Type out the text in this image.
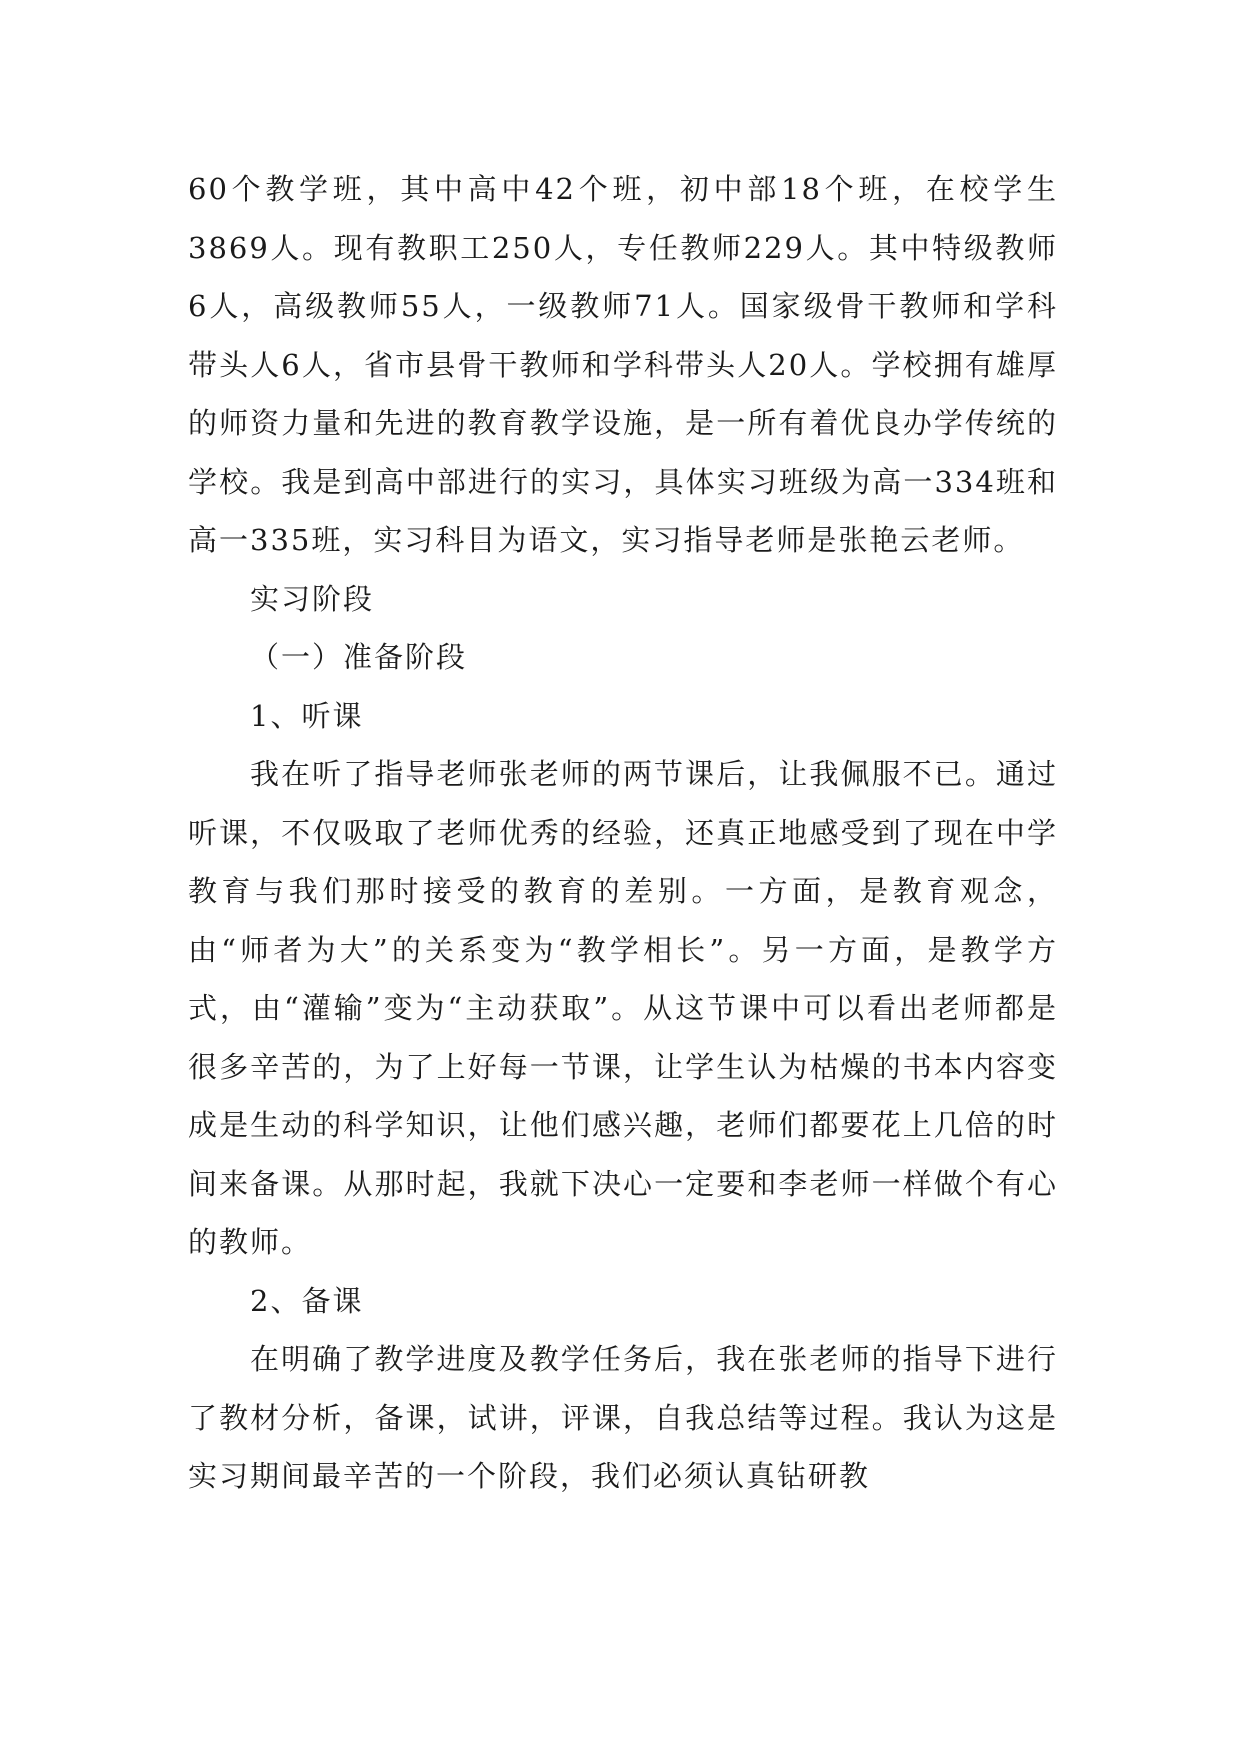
60个教学班，其中高中42个班，初中部18个班，在校学生3869人。现有教职工250人，专任教师229人。其中特级教师6人，高级教师55人，一级教师71人。国家级骨干教师和学科带头人6人，省市县骨干教师和学科带头人20人。学校拥有雄厚的师资力量和先进的教育教学设施，是一所有着优良办学传统的学校。我是到高中部进行的实习，具体实习班级为高一334班和高一335班，实习科目为语文，实习指导老师是张艳云老师。

实习阶段

（一）准备阶段

1、听课

我在听了指导老师张老师的两节课后，让我佩服不已。通过听课，不仅吸取了老师优秀的经验，还真正地感受到了现在中学教育与我们那时接受的教育的差别。一方面，是教育观念，由“师者为大”的关系变为“教学相长”。另一方面，是教学方式，由“灌输”变为“主动获取”。从这节课中可以看出老师都是很多辛苦的，为了上好每一节课，让学生认为枯燥的书本内容变成是生动的科学知识，让他们感兴趣，老师们都要花上几倍的时间来备课。从那时起，我就下决心一定要和李老师一样做个有心的教师。

2、备课

在明确了教学进度及教学任务后，我在张老师的指导下进行了教材分析，备课，试讲，评课，自我总结等过程。我认为这是实习期间最辛苦的一个阶段，我们必须认真钻研教
